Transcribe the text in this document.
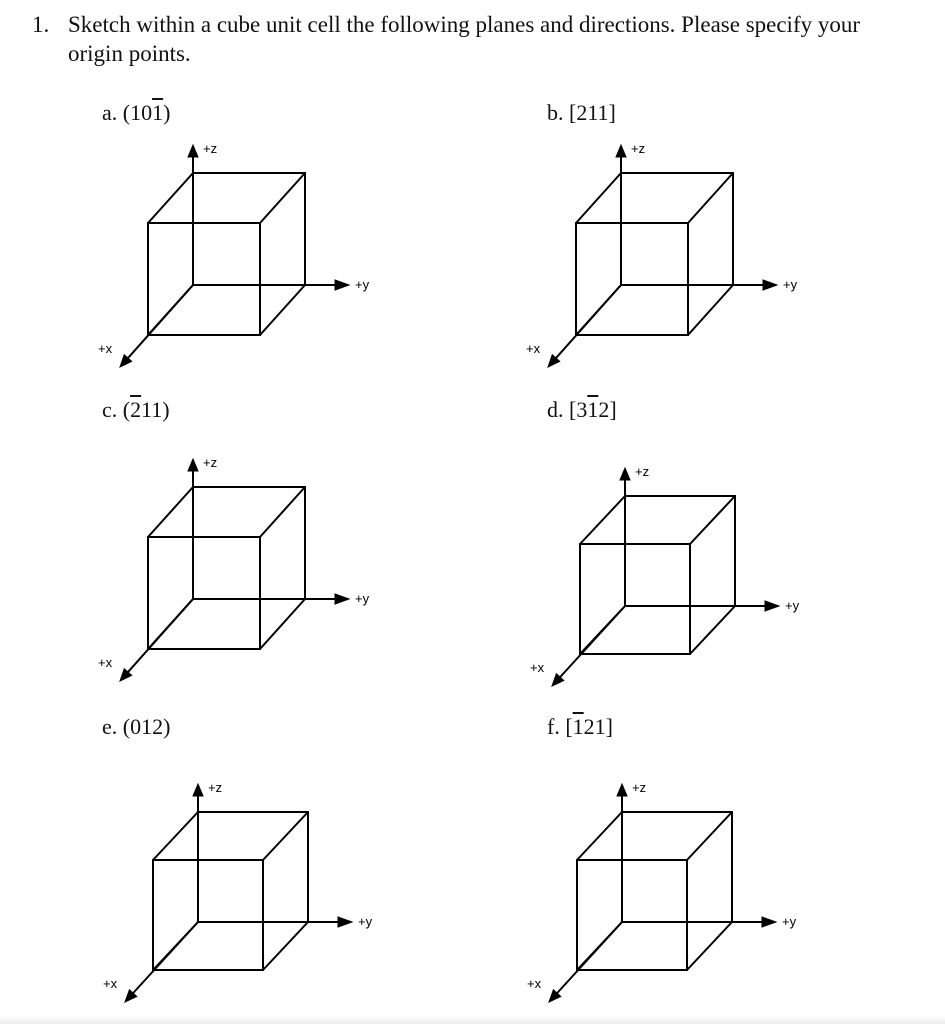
1. Sketch within a cube unit cell the following planes and directions. Please specify your origin points.
a. (101)	b. [211]
c. (211)	d. [312]
e. (012)	f. [121]
+z
+y
+x
+z
+y
+x
+z
+y
+x
+z
+y
+x
+z
+y
+x
+z
+y
+x
